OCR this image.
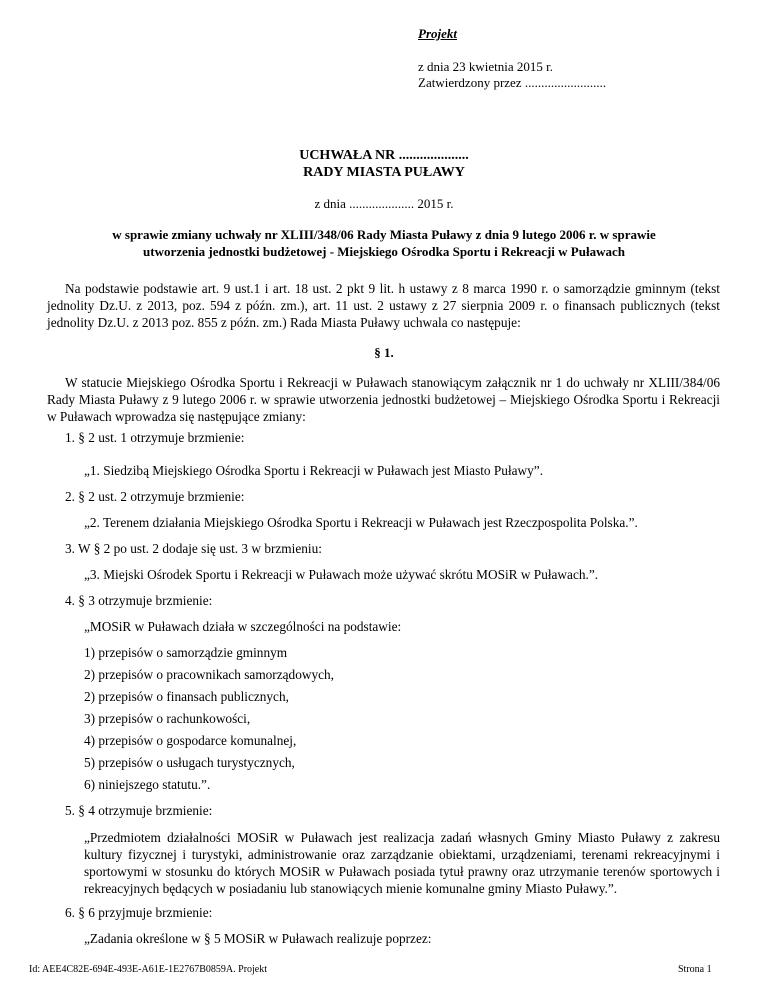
Projekt
z dnia 23 kwietnia 2015 r.
Zatwierdzony przez .........................
UCHWAŁA NR ....................
RADY MIASTA PUŁAWY
z dnia .................... 2015 r.
w sprawie zmiany uchwały nr XLIII/348/06 Rady Miasta Puławy z dnia 9 lutego 2006 r. w sprawie
utworzenia jednostki budżetowej - Miejskiego Ośrodka Sportu i Rekreacji w Puławach
Na podstawie podstawie art. 9 ust.1 i art. 18 ust. 2 pkt 9 lit. h ustawy z 8 marca 1990 r. o samorządzie gminnym (tekst jednolity Dz.U. z 2013, poz. 594 z późn. zm.), art. 11 ust. 2 ustawy z 27 sierpnia 2009 r. o finansach publicznych (tekst jednolity Dz.U. z 2013 poz. 855 z późn. zm.) Rada Miasta Puławy uchwala co następuje:
§ 1.
W statucie Miejskiego Ośrodka Sportu i Rekreacji w Puławach stanowiącym załącznik nr 1 do uchwały nr XLIII/384/06 Rady Miasta Puławy z 9 lutego 2006 r. w sprawie utworzenia jednostki budżetowej – Miejskiego Ośrodka Sportu i Rekreacji w Puławach wprowadza się następujące zmiany:
1. § 2 ust. 1 otrzymuje brzmienie:
„1. Siedzibą Miejskiego Ośrodka Sportu i Rekreacji w Puławach jest Miasto Puławy”.
2. § 2 ust. 2 otrzymuje brzmienie:
„2. Terenem działania Miejskiego Ośrodka Sportu i Rekreacji w Puławach jest Rzeczpospolita Polska.”.
3. W § 2 po ust. 2 dodaje się ust. 3 w brzmieniu:
„3. Miejski Ośrodek Sportu i Rekreacji w Puławach może używać skrótu MOSiR w Puławach.”.
4. § 3 otrzymuje brzmienie:
„MOSiR w Puławach działa w szczególności na podstawie:
1) przepisów o samorządzie gminnym
2) przepisów o pracownikach samorządowych,
2) przepisów o finansach publicznych,
3) przepisów o rachunkowości,
4) przepisów o gospodarce komunalnej,
5) przepisów o usługach turystycznych,
6) niniejszego statutu.”.
5. § 4 otrzymuje brzmienie:
„Przedmiotem działalności MOSiR w Puławach jest realizacja zadań własnych Gminy Miasto Puławy z zakresu kultury fizycznej i turystyki, administrowanie oraz zarządzanie obiektami, urządzeniami, terenami rekreacyjnymi i sportowymi w stosunku do których MOSiR w Puławach posiada tytuł prawny oraz utrzymanie terenów sportowych i rekreacyjnych będących w posiadaniu lub stanowiących mienie komunalne gminy Miasto Puławy.”.
6. § 6 przyjmuje brzmienie:
„Zadania określone w § 5 MOSiR w Puławach realizuje poprzez:
Id: AEE4C82E-694E-493E-A61E-1E2767B0859A. Projekt	Strona 1
